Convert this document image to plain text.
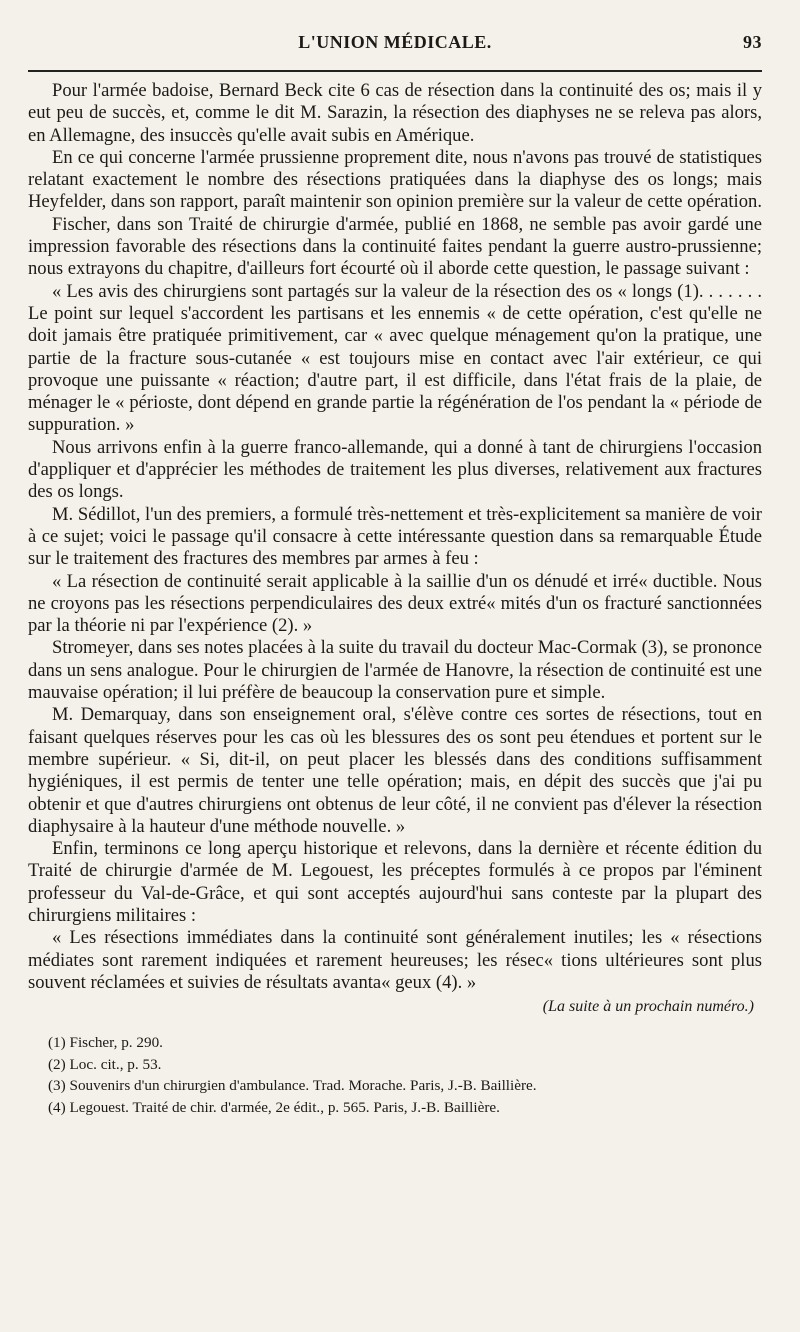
L'UNION MÉDICALE.	93

Pour l'armée badoise, Bernard Beck cite 6 cas de résection dans la continuité des os; mais il y eut peu de succès, et, comme le dit M. Sarazin, la résection des diaphyses ne se releva pas alors, en Allemagne, des insuccès qu'elle avait subis en Amérique.

En ce qui concerne l'armée prussienne proprement dite, nous n'avons pas trouvé de statistiques relatant exactement le nombre des résections pratiquées dans la diaphyse des os longs; mais Heyfelder, dans son rapport, paraît maintenir son opinion première sur la valeur de cette opération.

Fischer, dans son Traité de chirurgie d'armée, publié en 1868, ne semble pas avoir gardé une impression favorable des résections dans la continuité faites pendant la guerre austro-prussienne; nous extrayons du chapitre, d'ailleurs fort écourté où il aborde cette question, le passage suivant :

« Les avis des chirurgiens sont partagés sur la valeur de la résection des os « longs (1). . . . . . . Le point sur lequel s'accordent les partisans et les ennemis « de cette opération, c'est qu'elle ne doit jamais être pratiquée primitivement, car « avec quelque ménagement qu'on la pratique, une partie de la fracture sous-cutanée « est toujours mise en contact avec l'air extérieur, ce qui provoque une puissante « réaction; d'autre part, il est difficile, dans l'état frais de la plaie, de ménager le « périoste, dont dépend en grande partie la régénération de l'os pendant la « période de suppuration. »

Nous arrivons enfin à la guerre franco-allemande, qui a donné à tant de chirurgiens l'occasion d'appliquer et d'apprécier les méthodes de traitement les plus diverses, relativement aux fractures des os longs.

M. Sédillot, l'un des premiers, a formulé très-nettement et très-explicitement sa manière de voir à ce sujet; voici le passage qu'il consacre à cette intéressante question dans sa remarquable Étude sur le traitement des fractures des membres par armes à feu :

« La résection de continuité serait applicable à la saillie d'un os dénudé et irré« ductible. Nous ne croyons pas les résections perpendiculaires des deux extré« mités d'un os fracturé sanctionnées par la théorie ni par l'expérience (2). »

Stromeyer, dans ses notes placées à la suite du travail du docteur Mac-Cormak (3), se prononce dans un sens analogue. Pour le chirurgien de l'armée de Hanovre, la résection de continuité est une mauvaise opération; il lui préfère de beaucoup la conservation pure et simple.

M. Demarquay, dans son enseignement oral, s'élève contre ces sortes de résections, tout en faisant quelques réserves pour les cas où les blessures des os sont peu étendues et portent sur le membre supérieur. « Si, dit-il, on peut placer les blessés dans des conditions suffisamment hygiéniques, il est permis de tenter une telle opération; mais, en dépit des succès que j'ai pu obtenir et que d'autres chirurgiens ont obtenus de leur côté, il ne convient pas d'élever la résection diaphysaire à la hauteur d'une méthode nouvelle. »

Enfin, terminons ce long aperçu historique et relevons, dans la dernière et récente édition du Traité de chirurgie d'armée de M. Legouest, les préceptes formulés à ce propos par l'éminent professeur du Val-de-Grâce, et qui sont acceptés aujourd'hui sans conteste par la plupart des chirurgiens militaires :

« Les résections immédiates dans la continuité sont généralement inutiles; les « résections médiates sont rarement indiquées et rarement heureuses; les résec« tions ultérieures sont plus souvent réclamées et suivies de résultats avanta« geux (4). »

(La suite à un prochain numéro.)
(1) Fischer, p. 290.
(2) Loc. cit., p. 53.
(3) Souvenirs d'un chirurgien d'ambulance. Trad. Morache. Paris, J.-B. Baillière.
(4) Legouest. Traité de chir. d'armée, 2e édit., p. 565. Paris, J.-B. Baillière.
